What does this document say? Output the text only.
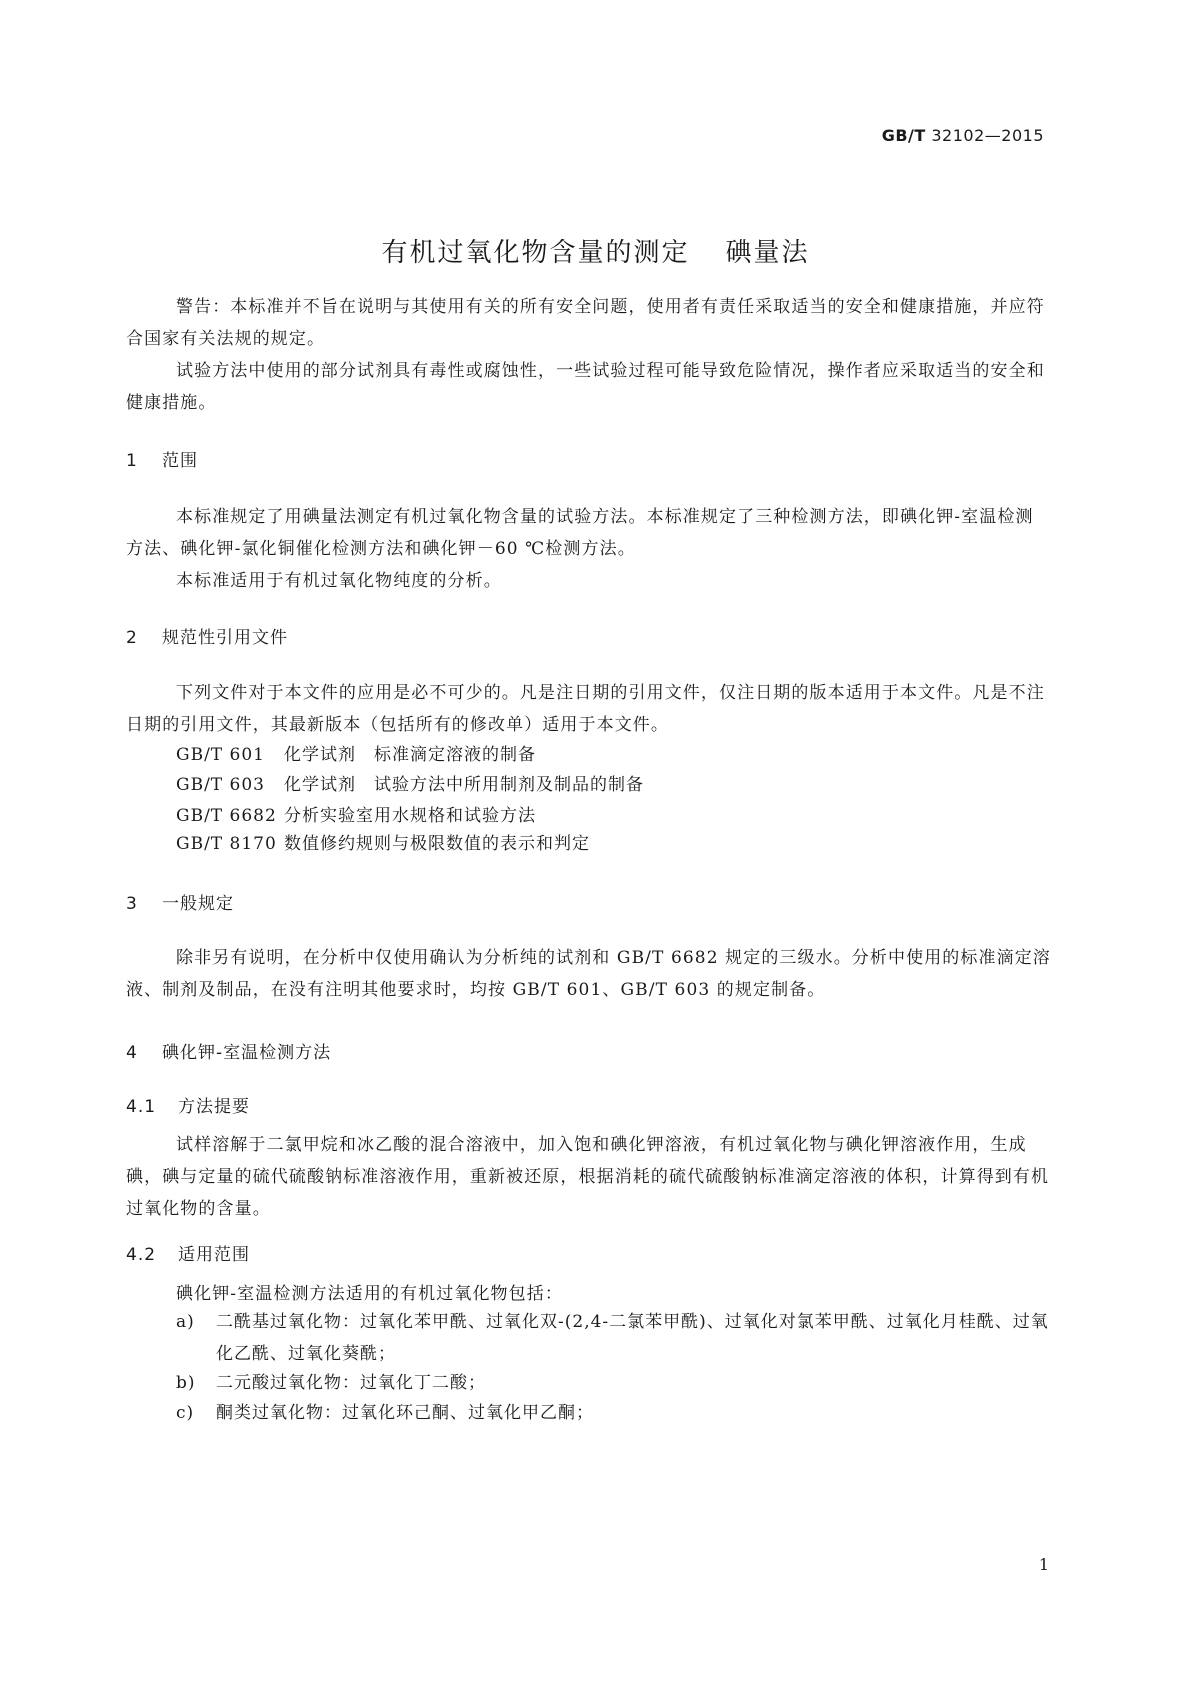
GB/T 32102—2015
有机过氧化物含量的测定 碘量法

警告：本标准并不旨在说明与其使用有关的所有安全问题，使用者有责任采取适当的安全和健康措施，并应符合国家有关法规的规定。

试验方法中使用的部分试剂具有毒性或腐蚀性，一些试验过程可能导致危险情况，操作者应采取适当的安全和健康措施。

1 范围

本标准规定了用碘量法测定有机过氧化物含量的试验方法。本标准规定了三种检测方法，即碘化钾-室温检测方法、碘化钾-氯化铜催化检测方法和碘化钾－60 ℃检测方法。

本标准适用于有机过氧化物纯度的分析。

2 规范性引用文件

下列文件对于本文件的应用是必不可少的。凡是注日期的引用文件，仅注日期的版本适用于本文件。凡是不注日期的引用文件，其最新版本（包括所有的修改单）适用于本文件。

GB/T 601 化学试剂　标准滴定溶液的制备
GB/T 603 化学试剂　试验方法中所用制剂及制品的制备
GB/T 6682 分析实验室用水规格和试验方法
GB/T 8170 数值修约规则与极限数值的表示和判定
3 一般规定

除非另有说明，在分析中仅使用确认为分析纯的试剂和 GB/T 6682 规定的三级水。分析中使用的标准滴定溶液、制剂及制品，在没有注明其他要求时，均按 GB/T 601、GB/T 603 的规定制备。

4 碘化钾-室温检测方法
4.1 方法提要

试样溶解于二氯甲烷和冰乙酸的混合溶液中，加入饱和碘化钾溶液，有机过氧化物与碘化钾溶液作用，生成碘，碘与定量的硫代硫酸钠标准溶液作用，重新被还原，根据消耗的硫代硫酸钠标准滴定溶液的体积，计算得到有机过氧化物的含量。

4.2 适用范围

碘化钾-室温检测方法适用的有机过氧化物包括：

a) 二酰基过氧化物：过氧化苯甲酰、过氧化双-(2,4-二氯苯甲酰)、过氧化对氯苯甲酰、过氧化月桂酰、过氧化乙酰、过氧化葵酰；
b) 二元酸过氧化物：过氧化丁二酸；
c) 酮类过氧化物：过氧化环己酮、过氧化甲乙酮；
1
